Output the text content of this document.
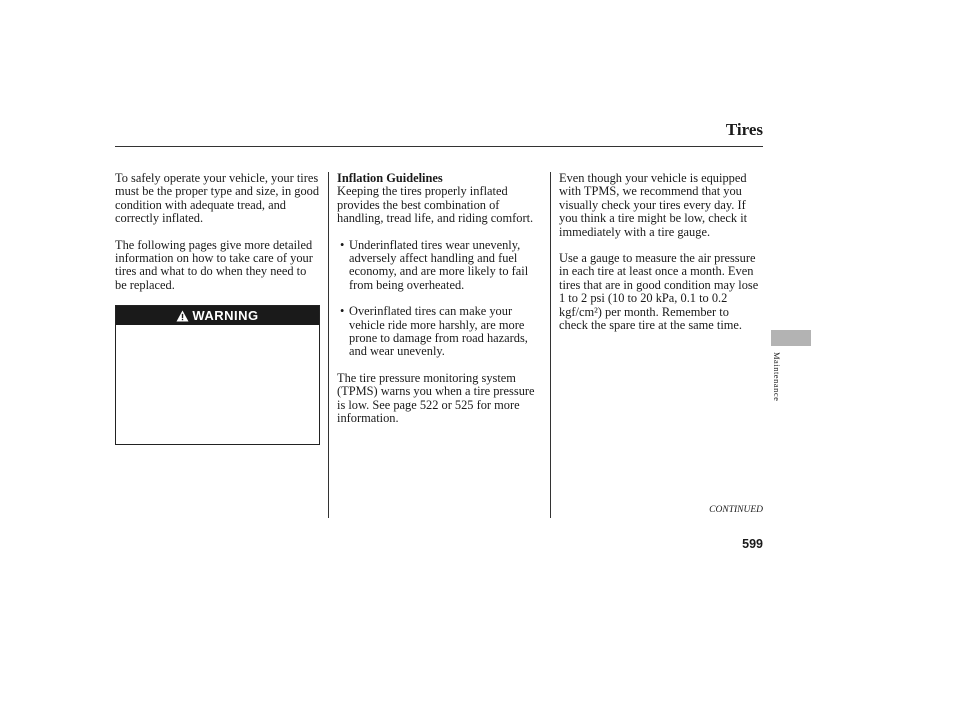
Tires

To safely operate your vehicle, your tires must be the proper type and size, in good condition with adequate tread, and correctly inflated.

The following pages give more detailed information on how to take care of your tires and what to do when they need to be replaced.

WARNING
Inflation Guidelines

Keeping the tires properly inflated provides the best combination of handling, tread life, and riding comfort.

• Underinflated tires wear unevenly, adversely affect handling and fuel economy, and are more likely to fail from being overheated.
• Overinflated tires can make your vehicle ride more harshly, are more prone to damage from road hazards, and wear unevenly.

The tire pressure monitoring system (TPMS) warns you when a tire pressure is low. See page 522 or 525 for more information.

Even though your vehicle is equipped with TPMS, we recommend that you visually check your tires every day. If you think a tire might be low, check it immediately with a tire gauge.

Use a gauge to measure the air pressure in each tire at least once a month. Even tires that are in good condition may lose 1 to 2 psi (10 to 20 kPa, 0.1 to 0.2 kgf/cm²) per month. Remember to check the spare tire at the same time.

Maintenance
CONTINUED
599
